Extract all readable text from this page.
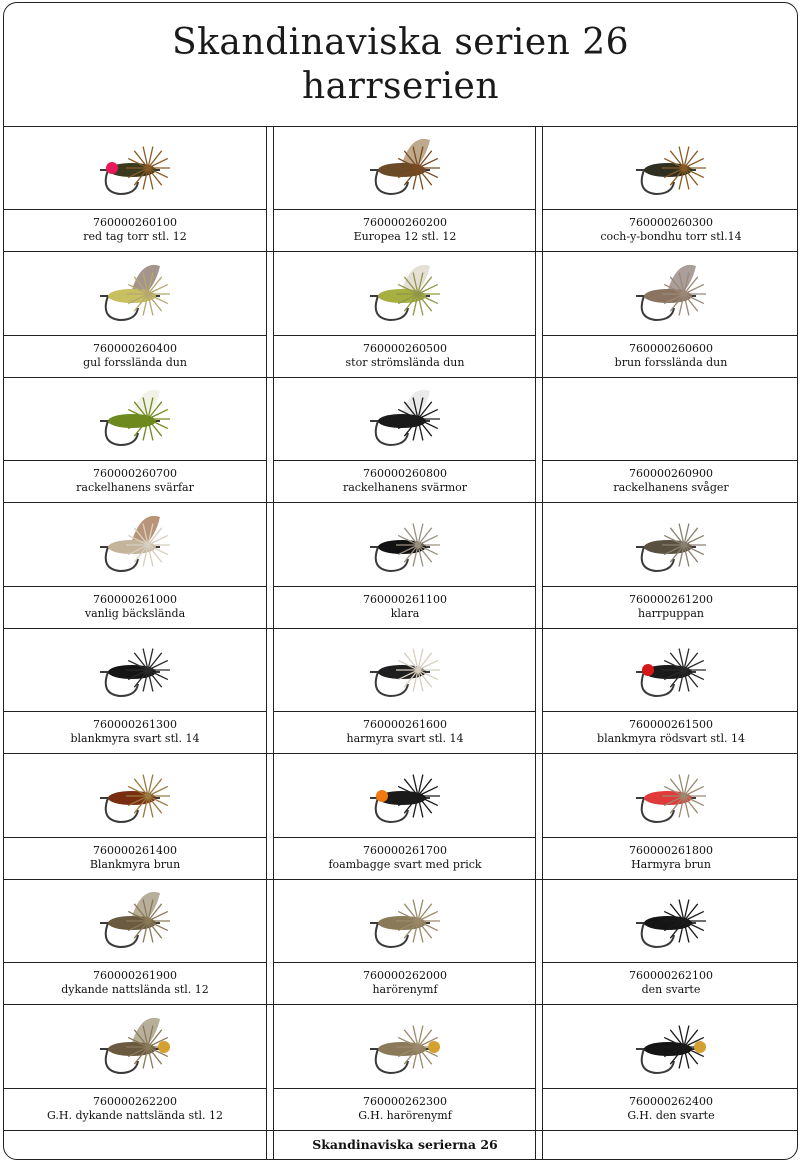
Skandinaviska serien 26
harrserien
760000260100
red tag torr stl. 12
760000260200
Europea 12 stl. 12
760000260300
coch-y-bondhu torr stl.14
760000260400
gul forsslända dun
760000260500
stor strömslända dun
760000260600
brun forsslända dun
760000260700
rackelhanens svärfar
760000260800
rackelhanens svärmor
760000260900
rackelhanens svåger
760000261000
vanlig bäckslända
760000261100
klara
760000261200
harrpuppan
760000261300
blankmyra svart stl. 14
760000261600
harmyra svart stl. 14
760000261500
blankmyra rödsvart stl. 14
760000261400
Blankmyra brun
760000261700
foambagge svart med prick
760000261800
Harmyra brun
760000261900
dykande nattslända stl. 12
760000262000
harörenymf
760000262100
den svarte
760000262200
G.H. dykande nattslända stl. 12
760000262300
G.H. harörenymf
760000262400
G.H. den svarte
Skandinaviska serierna 26
